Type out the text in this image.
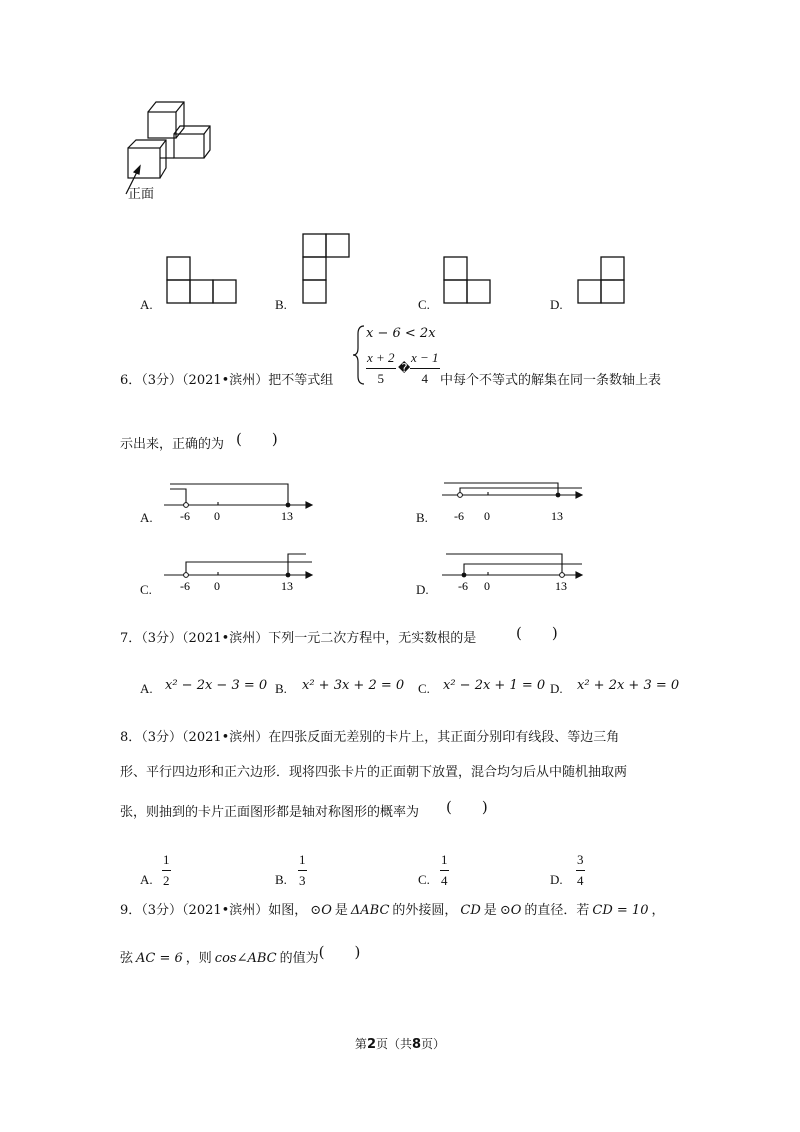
正面
A.	B.	C.	D.
6．（3分）（2021•滨州）把不等式组
x − 6 < 2x
$\frac{x + 2}{5}$ � $\frac{x - 1}{4}$ 中每个不等式的解集在同一条数轴上表
示出来，正确的为 (　　)
A. -6 0	13	B. -6 0	13
C. -6 0	13	D. -6 0	13
7．（3分）（2021•滨州）下列一元二次方程中，无实数根的是	(　　)
A. x² − 2x − 3 = 0 B. x² + 3x + 2 = 0 C. x² − 2x + 1 = 0 D. x² + 2x + 3 = 0
8．（3分）（2021•滨州）在四张反面无差别的卡片上，其正面分别印有线段、等边三角
形、平行四边形和正六边形．现将四张卡片的正面朝下放置，混合均匀后从中随机抽取两
张，则抽到的卡片正面图形都是轴对称图形的概率为 (　　)
A. $\frac{1}{2}$	B. $\frac{1}{3}$	C. $\frac{1}{4}$	D. $\frac{3}{4}$
9．（3分）（2021•滨州）如图， ⊙O 是 ΔABC 的外接圆， CD 是 ⊙O 的直径．若 CD = 10 ，
弦 AC = 6 ，则 cos∠ABC 的值为(　　)
第2页（共8页）
